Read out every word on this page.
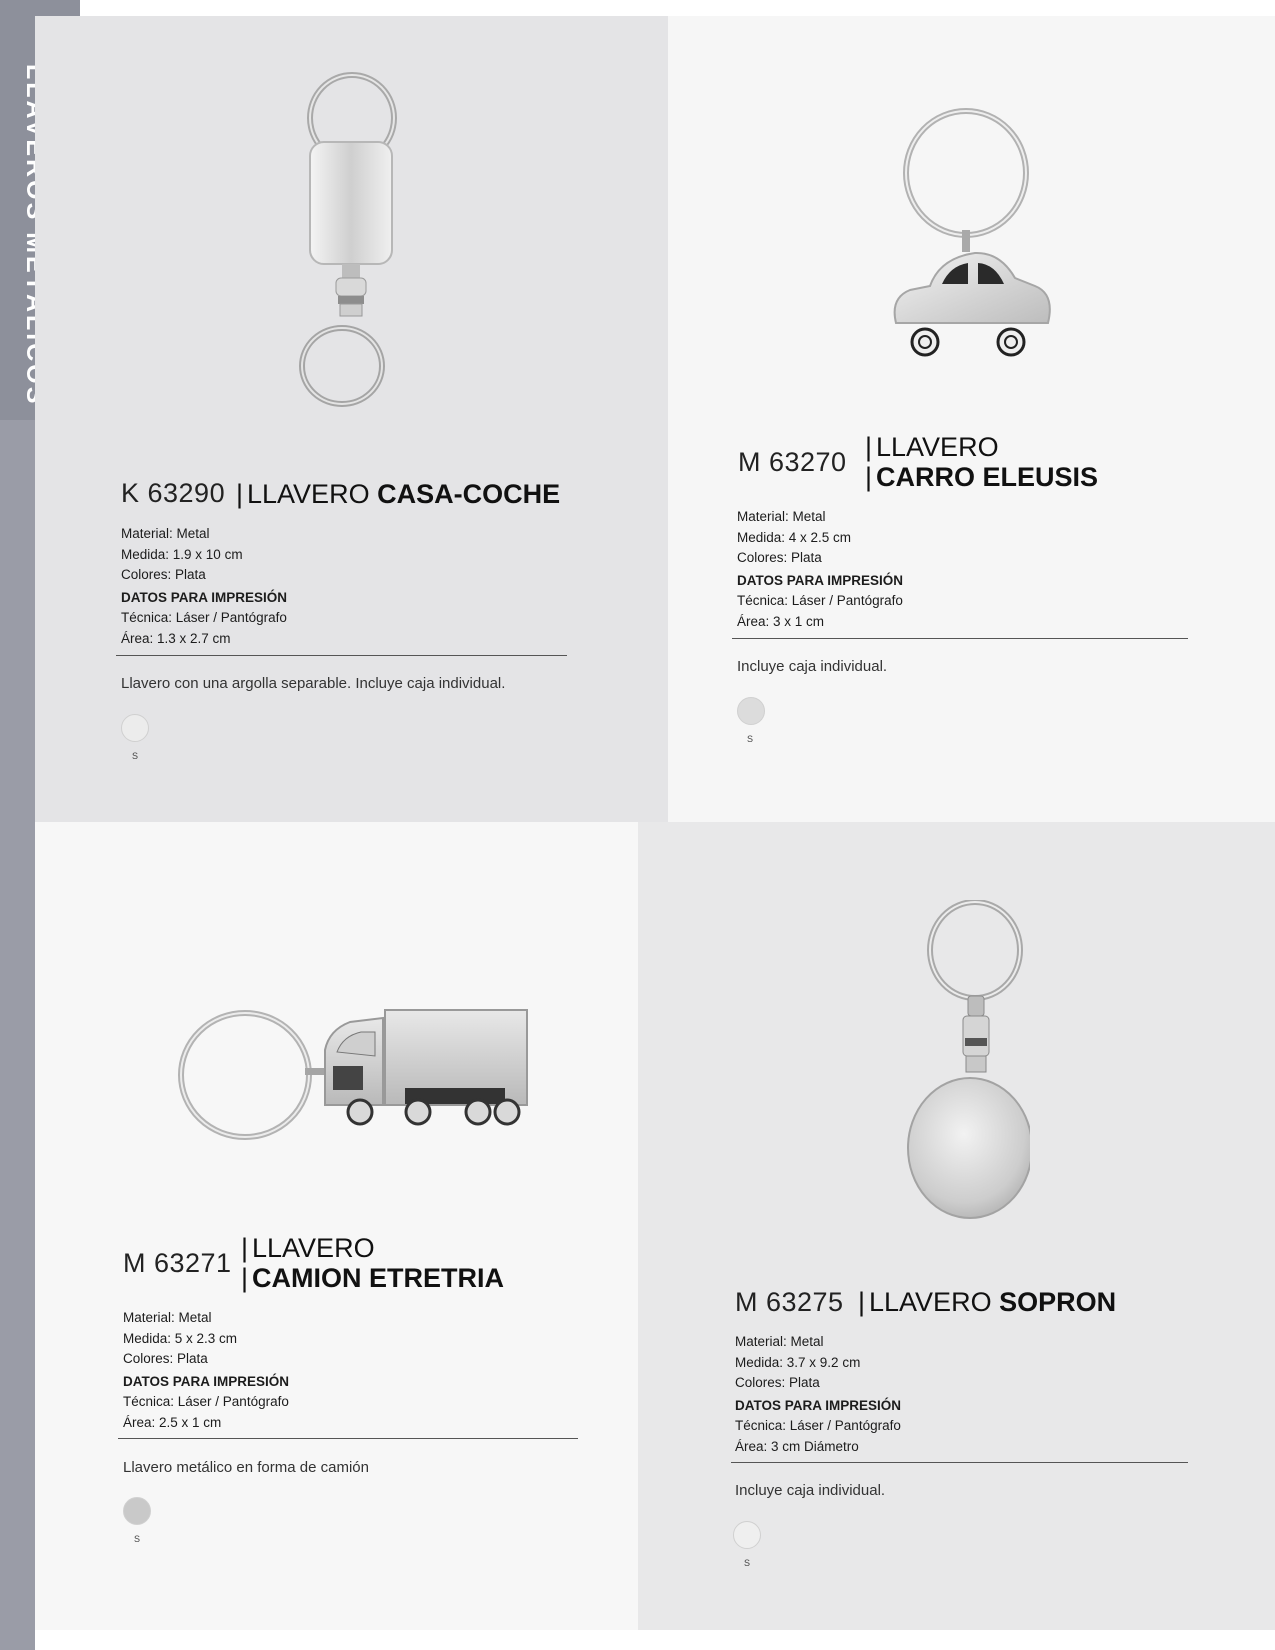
K 63290 | LLAVERO CASA-COCHE
Material: Metal
Medida: 1.9 x 10 cm
Colores: Plata
DATOS PARA IMPRESIÓN
Técnica: Láser / Pantógrafo
Área: 1.3 x 2.7 cm
Llavero con una argolla separable. Incluye caja individual.
S
M 63270 | LLAVERO
| CARRO ELEUSIS
Material: Metal
Medida: 4 x 2.5 cm
Colores: Plata
DATOS PARA IMPRESIÓN
Técnica: Láser / Pantógrafo
Área: 3 x 1 cm
Incluye caja individual.
S
M 63271 | LLAVERO
| CAMION ETRETRIA
Material: Metal
Medida: 5 x 2.3 cm
Colores: Plata
DATOS PARA IMPRESIÓN
Técnica: Láser / Pantógrafo
Área: 2.5 x 1 cm
Llavero metálico en forma de camión
S
M 63275 | LLAVERO SOPRON
Material: Metal
Medida: 3.7 x 9.2 cm
Colores: Plata
DATOS PARA IMPRESIÓN
Técnica: Láser / Pantógrafo
Área: 3 cm Diámetro
Incluye caja individual.
S
